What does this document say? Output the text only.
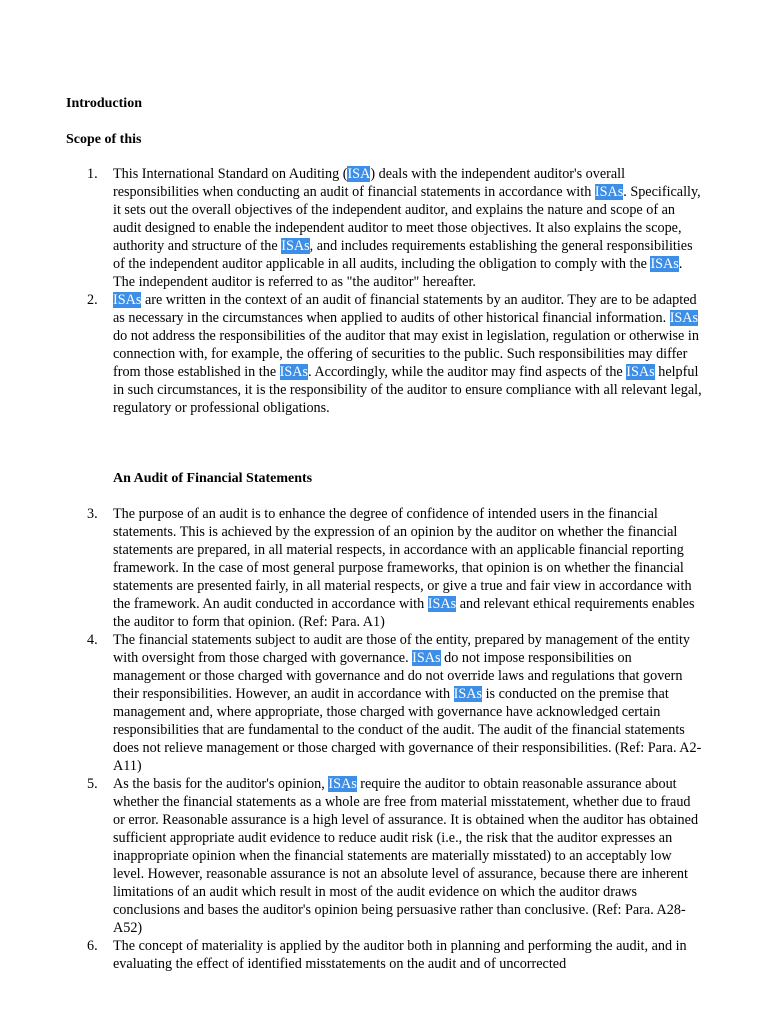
Introduction
Scope of this
1. This International Standard on Auditing (ISA) deals with the independent auditor's overall responsibilities when conducting an audit of financial statements in accordance with ISAs. Specifically, it sets out the overall objectives of the independent auditor, and explains the nature and scope of an audit designed to enable the independent auditor to meet those objectives. It also explains the scope, authority and structure of the ISAs, and includes requirements establishing the general responsibilities of the independent auditor applicable in all audits, including the obligation to comply with the ISAs. The independent auditor is referred to as "the auditor" hereafter.
2. ISAs are written in the context of an audit of financial statements by an auditor. They are to be adapted as necessary in the circumstances when applied to audits of other historical financial information. ISAs do not address the responsibilities of the auditor that may exist in legislation, regulation or otherwise in connection with, for example, the offering of securities to the public. Such responsibilities may differ from those established in the ISAs. Accordingly, while the auditor may find aspects of the ISAs helpful in such circumstances, it is the responsibility of the auditor to ensure compliance with all relevant legal, regulatory or professional obligations.
An Audit of Financial Statements
3. The purpose of an audit is to enhance the degree of confidence of intended users in the financial statements. This is achieved by the expression of an opinion by the auditor on whether the financial statements are prepared, in all material respects, in accordance with an applicable financial reporting framework. In the case of most general purpose frameworks, that opinion is on whether the financial statements are presented fairly, in all material respects, or give a true and fair view in accordance with the framework. An audit conducted in accordance with ISAs and relevant ethical requirements enables the auditor to form that opinion. (Ref: Para. A1)
4. The financial statements subject to audit are those of the entity, prepared by management of the entity with oversight from those charged with governance. ISAs do not impose responsibilities on management or those charged with governance and do not override laws and regulations that govern their responsibilities. However, an audit in accordance with ISAs is conducted on the premise that management and, where appropriate, those charged with governance have acknowledged certain responsibilities that are fundamental to the conduct of the audit. The audit of the financial statements does not relieve management or those charged with governance of their responsibilities. (Ref: Para. A2-A11)
5. As the basis for the auditor's opinion, ISAs require the auditor to obtain reasonable assurance about whether the financial statements as a whole are free from material misstatement, whether due to fraud or error. Reasonable assurance is a high level of assurance. It is obtained when the auditor has obtained sufficient appropriate audit evidence to reduce audit risk (i.e., the risk that the auditor expresses an inappropriate opinion when the financial statements are materially misstated) to an acceptably low level. However, reasonable assurance is not an absolute level of assurance, because there are inherent limitations of an audit which result in most of the audit evidence on which the auditor draws conclusions and bases the auditor's opinion being persuasive rather than conclusive. (Ref: Para. A28-A52)
6. The concept of materiality is applied by the auditor both in planning and performing the audit, and in evaluating the effect of identified misstatements on the audit and of uncorrected
